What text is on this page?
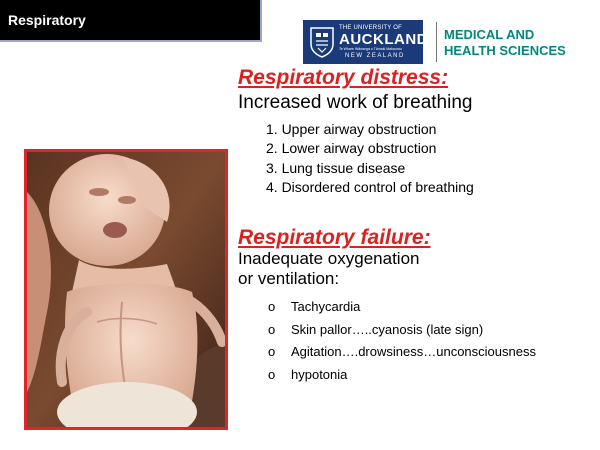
Respiratory	THE UNIVERSITY OF
AUCKLAND
Te Whare Wānanga o Tāmaki Makaurau
NEW ZEALAND
MEDICAL AND
HEALTH SCIENCES
Respiratory distress:
Increased work of breathing
1. Upper airway obstruction
2. Lower airway obstruction
3. Lung tissue disease
4. Disordered control of breathing
Respiratory failure:
Inadequate oxygenation
or ventilation:
o Tachycardia
o Skin pallor…..cyanosis (late sign)
o Agitation….drowsiness…unconsciousness
o hypotonia
